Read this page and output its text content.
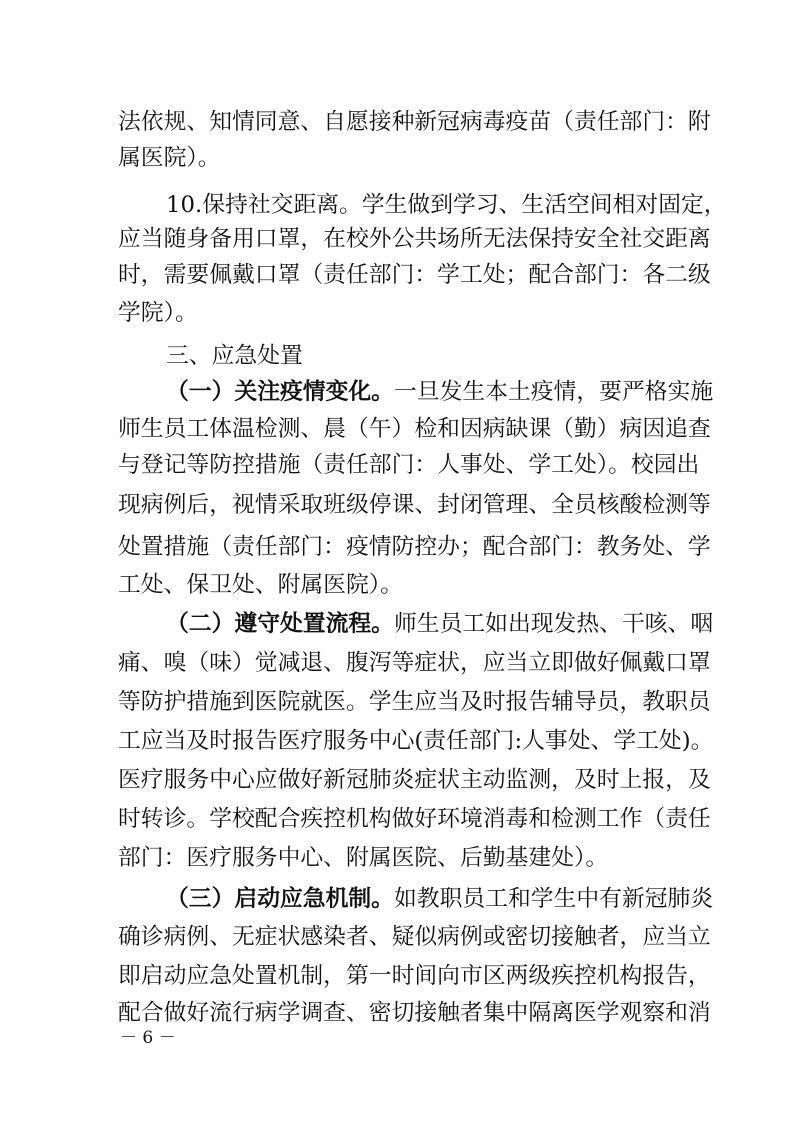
法依规、知情同意、自愿接种新冠病毒疫苗（责任部门：附
属医院）。
10.保持社交距离。学生做到学习、生活空间相对固定，
应当随身备用口罩，在校外公共场所无法保持安全社交距离
时，需要佩戴口罩（责任部门：学工处；配合部门：各二级
学院）。
三、应急处置
（一）关注疫情变化。一旦发生本土疫情，要严格实施
师生员工体温检测、晨（午）检和因病缺课（勤）病因追查
与登记等防控措施（责任部门：人事处、学工处）。校园出
现病例后，视情采取班级停课、封闭管理、全员核酸检测等
处置措施（责任部门：疫情防控办；配合部门：教务处、学
工处、保卫处、附属医院）。
（二）遵守处置流程。师生员工如出现发热、干咳、咽
痛、嗅（味）觉减退、腹泻等症状，应当立即做好佩戴口罩
等防护措施到医院就医。学生应当及时报告辅导员，教职员
工应当及时报告医疗服务中心(责任部门:人事处、学工处)。
医疗服务中心应做好新冠肺炎症状主动监测，及时上报，及
时转诊。学校配合疾控机构做好环境消毒和检测工作（责任
部门：医疗服务中心、附属医院、后勤基建处）。
（三）启动应急机制。如教职员工和学生中有新冠肺炎
确诊病例、无症状感染者、疑似病例或密切接触者，应当立
即启动应急处置机制，第一时间向市区两级疾控机构报告，
配合做好流行病学调查、密切接触者集中隔离医学观察和消
－ 6 －
